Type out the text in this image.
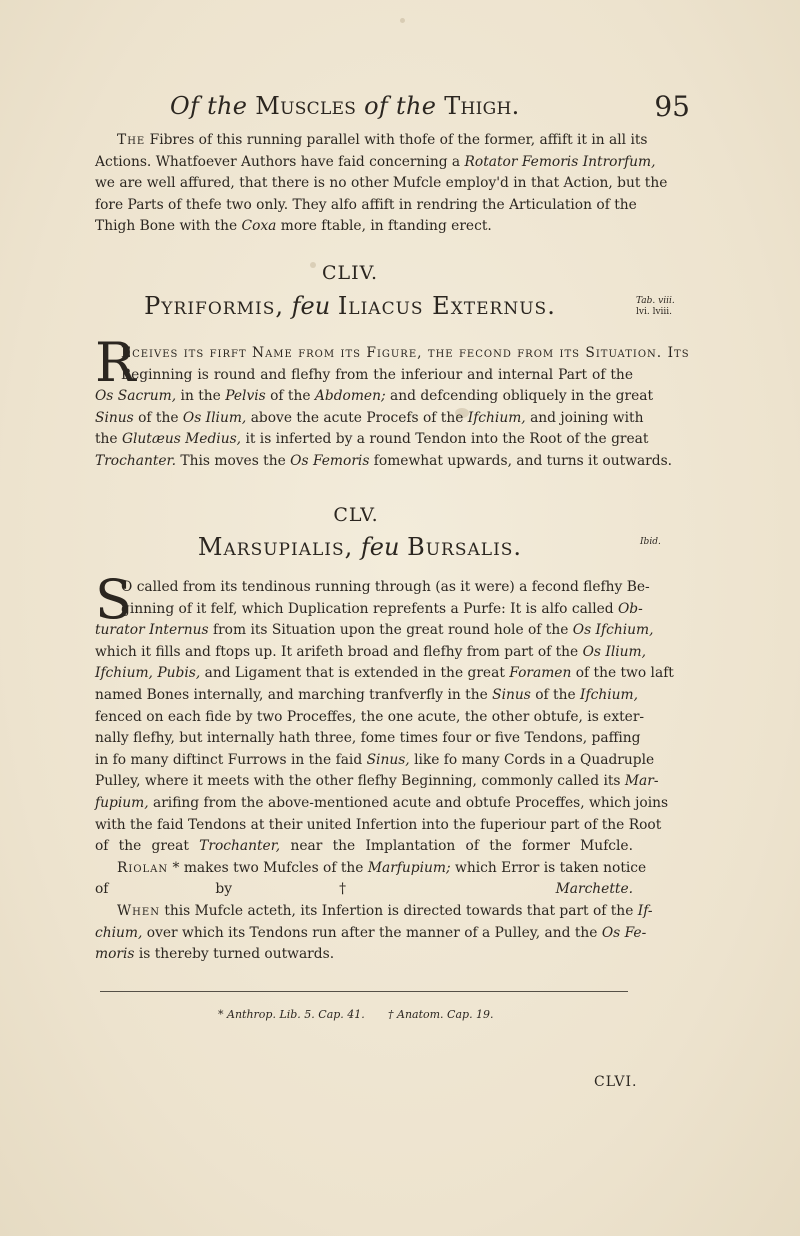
Of the Muscles of the Thigh.	95
The Fibres of this running parallel with thofe of the former, affift it in all its
Actions. Whatfoever Authors have faid concerning a Rotator Femoris Introrfum,
we are well affured, that there is no other Mufcle employ'd in that Action, but the
fore Parts of thefe two only. They alfo affift in rendring the Articulation of the
Thigh Bone with the Coxa more ftable, in ftanding erect.
CLIV.
Pyriformis, feu Iliacus Externus.	Tab. viii.
lvi. lviii.
R
Eceives its firft Name from its Figure, the fecond from its Situation. Its
Beginning is round and flefhy from the inferiour and internal Part of the
Os Sacrum, in the Pelvis of the Abdomen; and defcending obliquely in the great
Sinus of the Os Ilium, above the acute Procefs of the Ifchium, and joining with
the Glutæus Medius, it is inferted by a round Tendon into the Root of the great
Trochanter. This moves the Os Femoris fomewhat upwards, and turns it outwards.
CLV.
Marsupialis, feu Bursalis.	Ibid.
S
O called from its tendinous running through (as it were) a fecond flefhy Be-
ginning of it felf, which Duplication reprefents a Purfe: It is alfo called Ob-
turator Internus from its Situation upon the great round hole of the Os Ifchium,
which it fills and ftops up. It arifeth broad and flefhy from part of the Os Ilium,
Ifchium, Pubis, and Ligament that is extended in the great Foramen of the two laft
named Bones internally, and marching tranfverfly in the Sinus of the Ifchium,
fenced on each fide by two Proceffes, the one acute, the other obtufe, is exter-
nally flefhy, but internally hath three, fome times four or five Tendons, paffing
in fo many diftinct Furrows in the faid Sinus, like fo many Cords in a Quadruple
Pulley, where it meets with the other flefhy Beginning, commonly called its Mar-
fupium, arifing from the above-mentioned acute and obtufe Proceffes, which joins
with the faid Tendons at their united Infertion into the fuperiour part of the Root
of the great Trochanter, near the Implantation of the former Mufcle.
Riolan * makes two Mufcles of the Marfupium; which Error is taken notice
of by † Marchette.
When this Mufcle acteth, its Infertion is directed towards that part of the If-
chium, over which its Tendons run after the manner of a Pulley, and the Os Fe-
moris is thereby turned outwards.
* Anthrop. Lib. 5. Cap. 41. † Anatom. Cap. 19.
CLVI.
